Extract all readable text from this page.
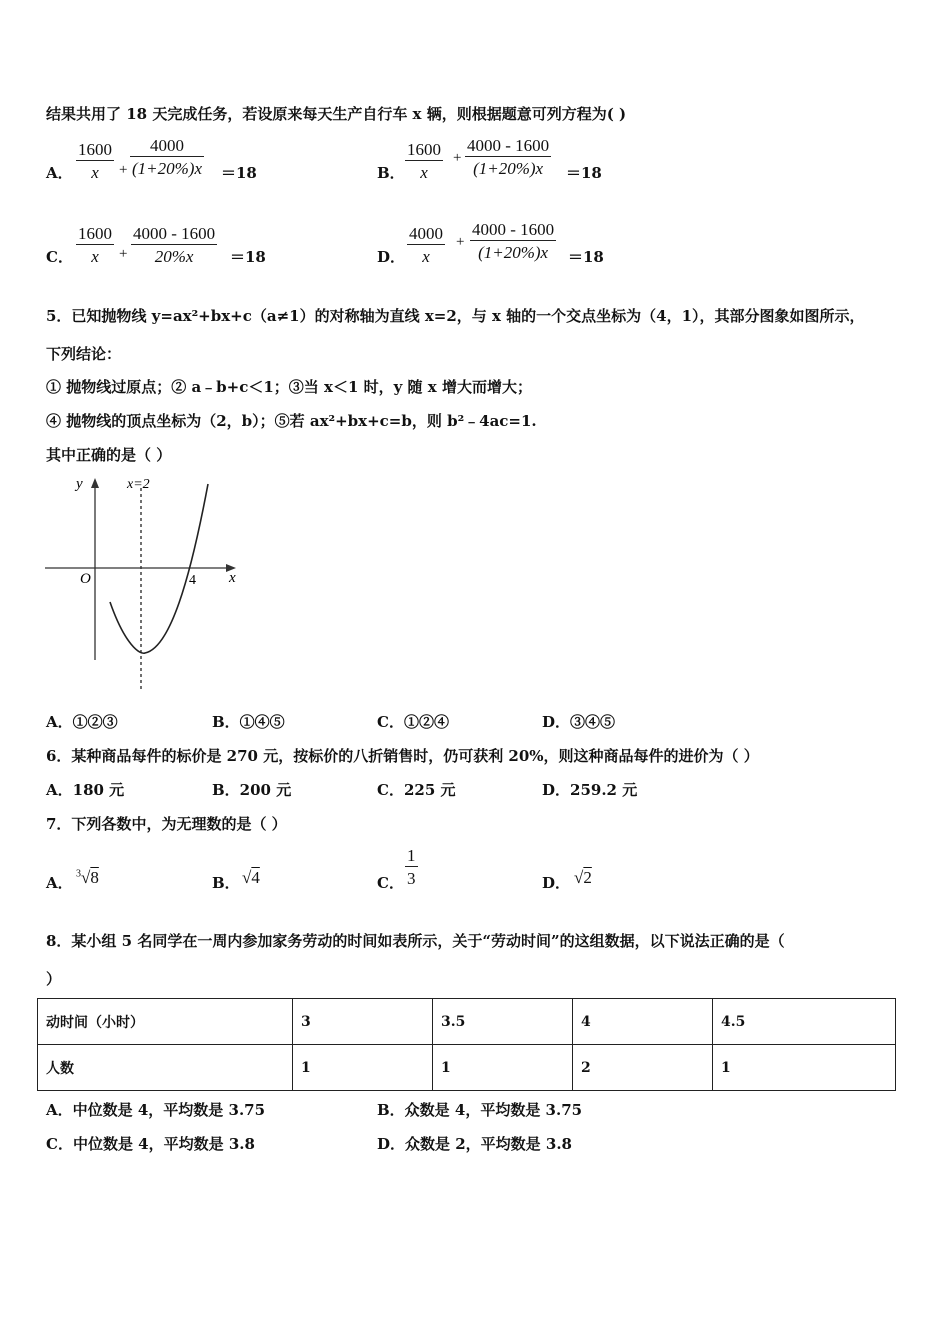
结果共用了 18 天完成任务，若设原来每天生产自行车 x 辆，则根据题意可列方程为( )
A． $\frac{1600}{x} + \frac{4000}{(1+20\%)x} =18$	B． $\frac{1600}{x} + \frac{4000 - 1600}{(1+20\%)x} =18$
C． $\frac{1600}{x} + \frac{4000 - 1600}{20\%x} =18$	D． $\frac{4000}{x} + \frac{4000 - 1600}{(1+20\%)x} =18$
5．已知抛物线 y=ax²+bx+c（a≠1）的对称轴为直线 x=2，与 x 轴的一个交点坐标为（4，1），其部分图象如图所示，
下列结论：
① 抛物线过原点；② a﹣b+c＜1；③当 x＜1 时，y 随 x 增大而增大；
④ 抛物线的顶点坐标为（2，b）；⑤若 ax²+bx+c=b，则 b²﹣4ac=1.
其中正确的是（ ）
y
x
O
x=2
4
A．①②③	B．①④⑤	C．①②④	D．③④⑤
6．某种商品每件的标价是 270 元，按标价的八折销售时，仍可获利 20%，则这种商品每件的进价为（ ）
A．180 元	B．200 元	C．225 元	D．259.2 元
7．下列各数中，为无理数的是（ ）
A．
$^3$√8	B． √4	C． $\frac{1}{3}$	D． √2
8．某小组 5 名同学在一周内参加家务劳动的时间如表所示，关于“劳动时间”的这组数据，以下说法正确的是（
）
动时间（小时）	3	3.5	4	4.5
人数	1	1	2	1
A．中位数是 4，平均数是 3.75	B．众数是 4，平均数是 3.75
C．中位数是 4，平均数是 3.8	D．众数是 2，平均数是 3.8
